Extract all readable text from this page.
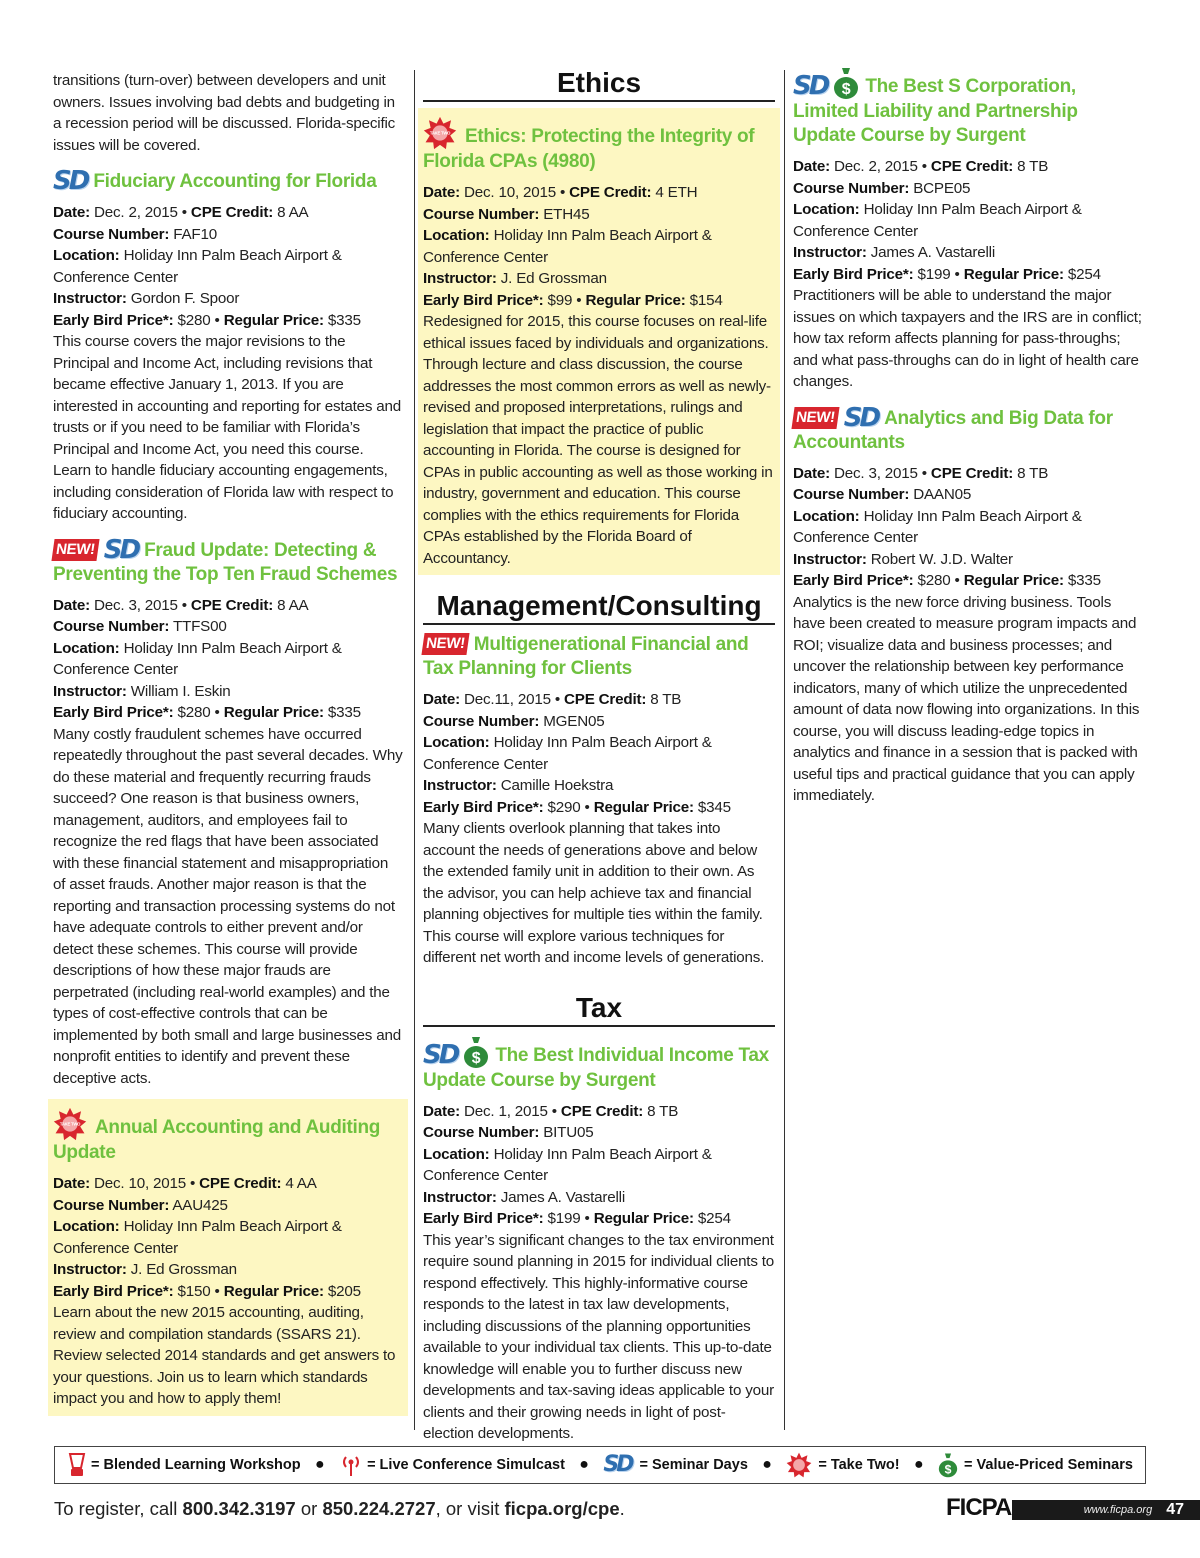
transitions (turn-over) between developers and unit owners. Issues involving bad debts and budgeting in a recession period will be discussed. Florida-specific issues will be covered.

SD Fiduciary Accounting for Florida
Date: Dec. 2, 2015 • CPE Credit: 8 AA
Course Number: FAF10
Location: Holiday Inn Palm Beach Airport & Conference Center
Instructor: Gordon F. Spoor
Early Bird Price*: $280 • Regular Price: $335

This course covers the major revisions to the Principal and Income Act, including revisions that became effective January 1, 2013. If you are interested in accounting and reporting for estates and trusts or if you need to be familiar with Florida’s Principal and Income Act, you need this course. Learn to handle fiduciary accounting engagements, including consideration of Florida law with respect to fiduciary accounting.

NEW! SD Fraud Update: Detecting & Preventing the Top Ten Fraud Schemes
Date: Dec. 3, 2015 • CPE Credit: 8 AA
Course Number: TTFS00
Location: Holiday Inn Palm Beach Airport & Conference Center
Instructor: William I. Eskin
Early Bird Price*: $280 • Regular Price: $335

Many costly fraudulent schemes have occurred repeatedly throughout the past several decades. Why do these material and frequently recurring frauds succeed? One reason is that business owners, management, auditors, and employees fail to recognize the red flags that have been associated with these financial statement and misappropriation of asset frauds. Another major reason is that the reporting and transaction processing systems do not have adequate controls to either prevent and/or detect these schemes. This course will provide descriptions of how these major frauds are perpetrated (including real-world examples) and the types of cost-effective controls that can be implemented by both small and large businesses and nonprofit entities to identify and prevent these deceptive acts.

TAKE TWO Annual Accounting and Auditing Update
Date: Dec. 10, 2015 • CPE Credit: 4 AA
Course Number: AAU425
Location: Holiday Inn Palm Beach Airport & Conference Center
Instructor: J. Ed Grossman
Early Bird Price*: $150 • Regular Price: $205

Learn about the new 2015 accounting, auditing, review and compilation standards (SSARS 21). Review selected 2014 standards and get answers to your questions. Join us to learn which standards impact you and how to apply them!

Ethics
TAKE TWO Ethics: Protecting the Integrity of Florida CPAs (4980)
Date: Dec. 10, 2015 • CPE Credit: 4 ETH
Course Number: ETH45
Location: Holiday Inn Palm Beach Airport & Conference Center
Instructor: J. Ed Grossman
Early Bird Price*: $99 • Regular Price: $154

Redesigned for 2015, this course focuses on real-life ethical issues faced by individuals and organizations. Through lecture and class discussion, the course addresses the most common errors as well as newly-revised and proposed interpretations, rulings and legislation that impact the practice of public accounting in Florida. The course is designed for CPAs in public accounting as well as those working in industry, government and education. This course complies with the ethics requirements for Florida CPAs established by the Florida Board of Accountancy.

Management/Consulting
NEW! Multigenerational Financial and Tax Planning for Clients
Date: Dec.11, 2015 • CPE Credit: 8 TB
Course Number: MGEN05
Location: Holiday Inn Palm Beach Airport & Conference Center
Instructor: Camille Hoekstra
Early Bird Price*: $290 • Regular Price: $345

Many clients overlook planning that takes into account the needs of generations above and below the extended family unit in addition to their own. As the advisor, you can help achieve tax and financial planning objectives for multiple ties within the family. This course will explore various techniques for different net worth and income levels of generations.

Tax
SD $ The Best Individual Income Tax Update Course by Surgent
Date: Dec. 1, 2015 • CPE Credit: 8 TB
Course Number: BITU05
Location: Holiday Inn Palm Beach Airport & Conference Center
Instructor: James A. Vastarelli
Early Bird Price*: $199 • Regular Price: $254

This year’s significant changes to the tax environment require sound planning in 2015 for individual clients to respond effectively. This highly-informative course responds to the latest in tax law developments, including discussions of the planning opportunities available to your individual tax clients. This up-to-date knowledge will enable you to further discuss new developments and tax-saving ideas applicable to your clients and their growing needs in light of post-election developments.

SD $ The Best S Corporation, Limited Liability and Partnership Update Course by Surgent
Date: Dec. 2, 2015 • CPE Credit: 8 TB
Course Number: BCPE05
Location: Holiday Inn Palm Beach Airport & Conference Center
Instructor: James A. Vastarelli
Early Bird Price*: $199 • Regular Price: $254

Practitioners will be able to understand the major issues on which taxpayers and the IRS are in conflict; how tax reform affects planning for pass-throughs; and what pass-throughs can do in light of health care changes.

NEW! SD Analytics and Big Data for Accountants
Date: Dec. 3, 2015 • CPE Credit: 8 TB
Course Number: DAAN05
Location: Holiday Inn Palm Beach Airport & Conference Center
Instructor: Robert W. J.D. Walter
Early Bird Price*: $280 • Regular Price: $335

Analytics is the new force driving business. Tools have been created to measure program impacts and ROI; visualize data and business processes; and uncover the relationship between key performance indicators, many of which utilize the unprecedented amount of data now flowing into organizations. In this course, you will discuss leading-edge topics in analytics and finance in a session that is packed with useful tips and practical guidance that you can apply immediately.

= Blended Learning Workshop ●	= Live Conference Simulcast ● SD = Seminar Days ●	= Take Two! ● $ = Value-Priced Seminars
To register, call 800.342.3197 or 850.224.2727, or visit ficpa.org/cpe.	www.ficpa.org 47
FICPA
